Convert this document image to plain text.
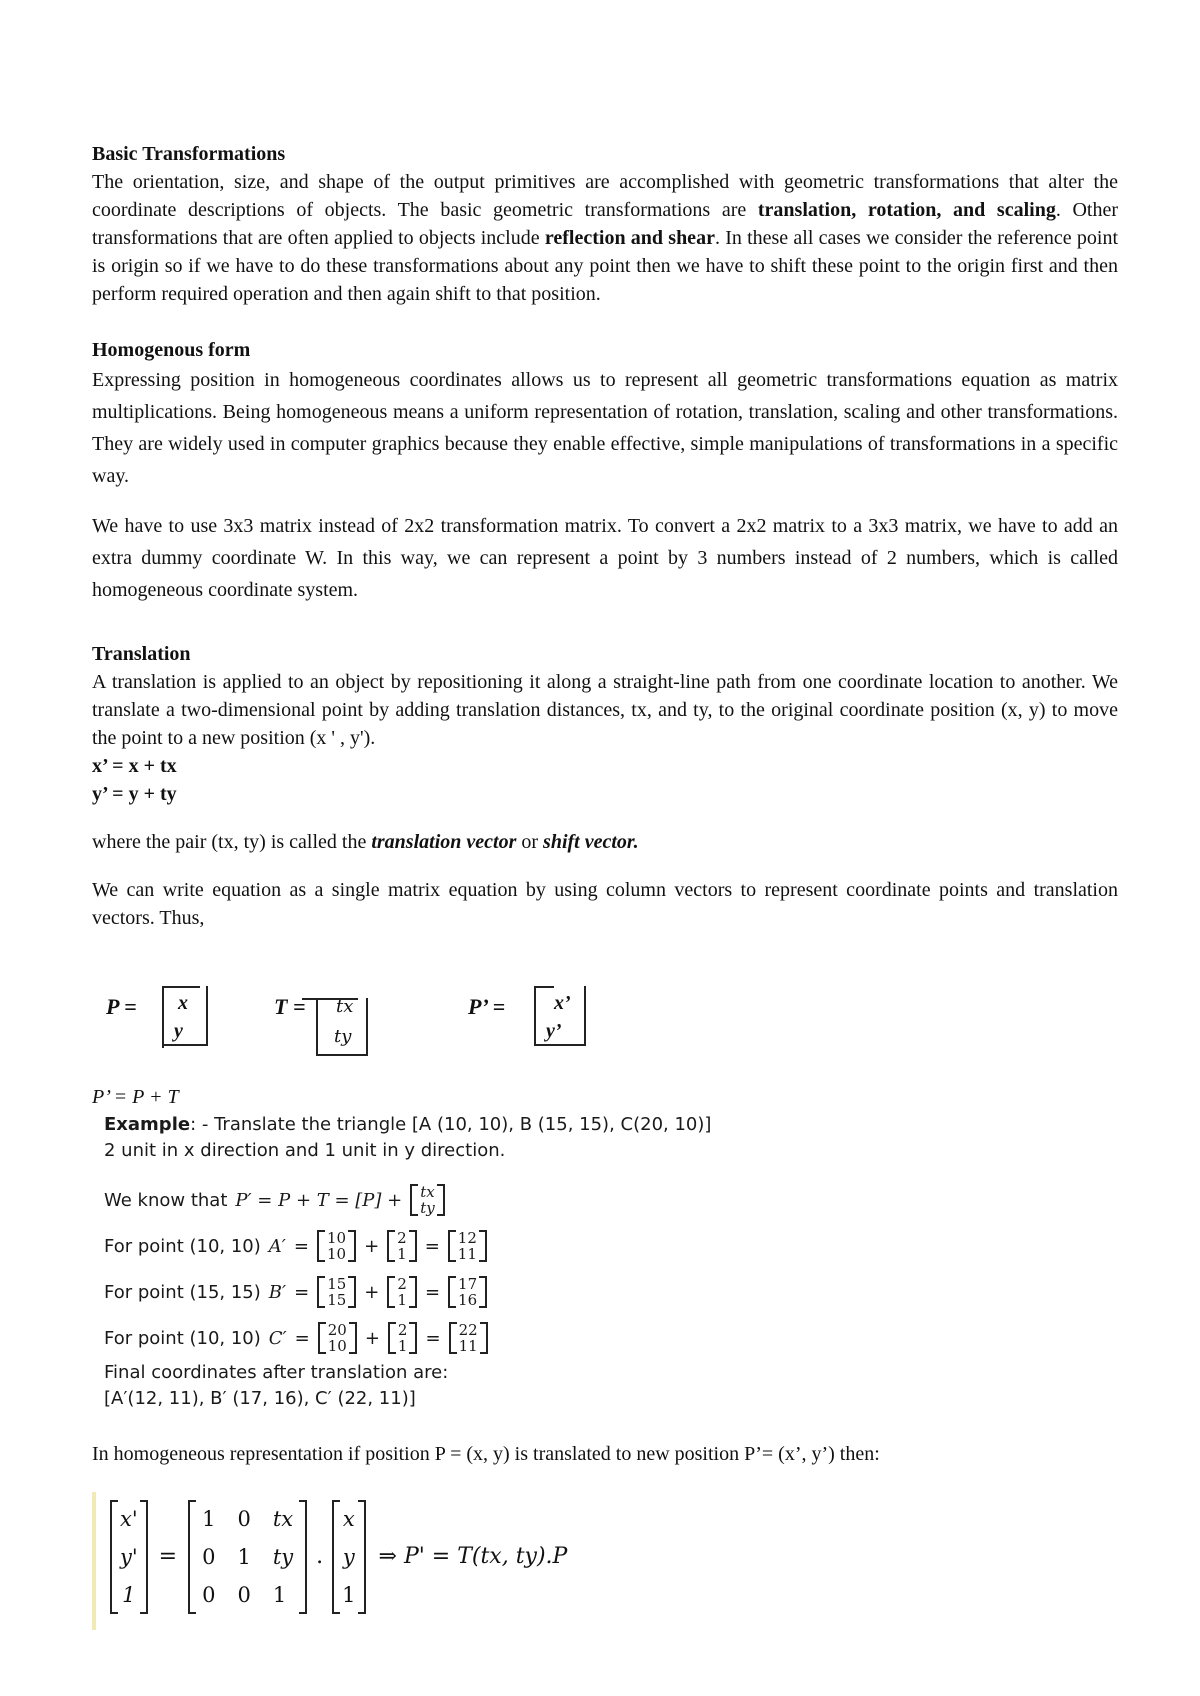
Basic Transformations

The orientation, size, and shape of the output primitives are accomplished with geometric transformations that alter the coordinate descriptions of objects. The basic geometric transformations are translation, rotation, and scaling. Other transformations that are often applied to objects include reflection and shear. In these all cases we consider the reference point is origin so if we have to do these transformations about any point then we have to shift these point to the origin first and then perform required operation and then again shift to that position.

Homogenous form

Expressing position in homogeneous coordinates allows us to represent all geometric transformations equation as matrix multiplications. Being homogeneous means a uniform representation of rotation, translation, scaling and other transformations. They are widely used in computer graphics because they enable effective, simple manipulations of transformations in a specific way.

We have to use 3x3 matrix instead of 2x2 transformation matrix. To convert a 2x2 matrix to a 3x3 matrix, we have to add an extra dummy coordinate W. In this way, we can represent a point by 3 numbers instead of 2 numbers, which is called homogeneous coordinate system.

Translation

A translation is applied to an object by repositioning it along a straight-line path from one coordinate location to another. We translate a two-dimensional point by adding translation distances, tx, and ty, to the original coordinate position (x, y) to move the point to a new position (x ' , y').

x’ = x + tx
y’ = y + ty

where the pair (tx, ty) is called the translation vector or shift vector.

We can write equation as a single matrix equation by using column vectors to represent coordinate points and translation vectors. Thus,

P = x
y
T = tx
ty
P’ = x’
y’
P’ = P + T
Example: - Translate the triangle [A (10, 10), B (15, 15), C(20, 10)]
2 unit in x direction and 1 unit in y direction.
We know that P′ = P + T = [P] + tx
ty
For point (10, 10) A′ = 10
10 + 2
1 = 12
11
For point (15, 15) B′ = 15
15 + 2
1 = 17
16
For point (10, 10) C′ = 20
10 + 2
1 = 22
11
Final coordinates after translation are:
[A′(12, 11), B′ (17, 16), C′ (22, 11)]

In homogeneous representation if position P = (x, y) is translated to new position P’= (x’, y’) then:

x'
y'
1
=
1 0 tx
0 1 ty
0 0 1
.
x
y
1
⇒ P' = T(tx, ty).P
